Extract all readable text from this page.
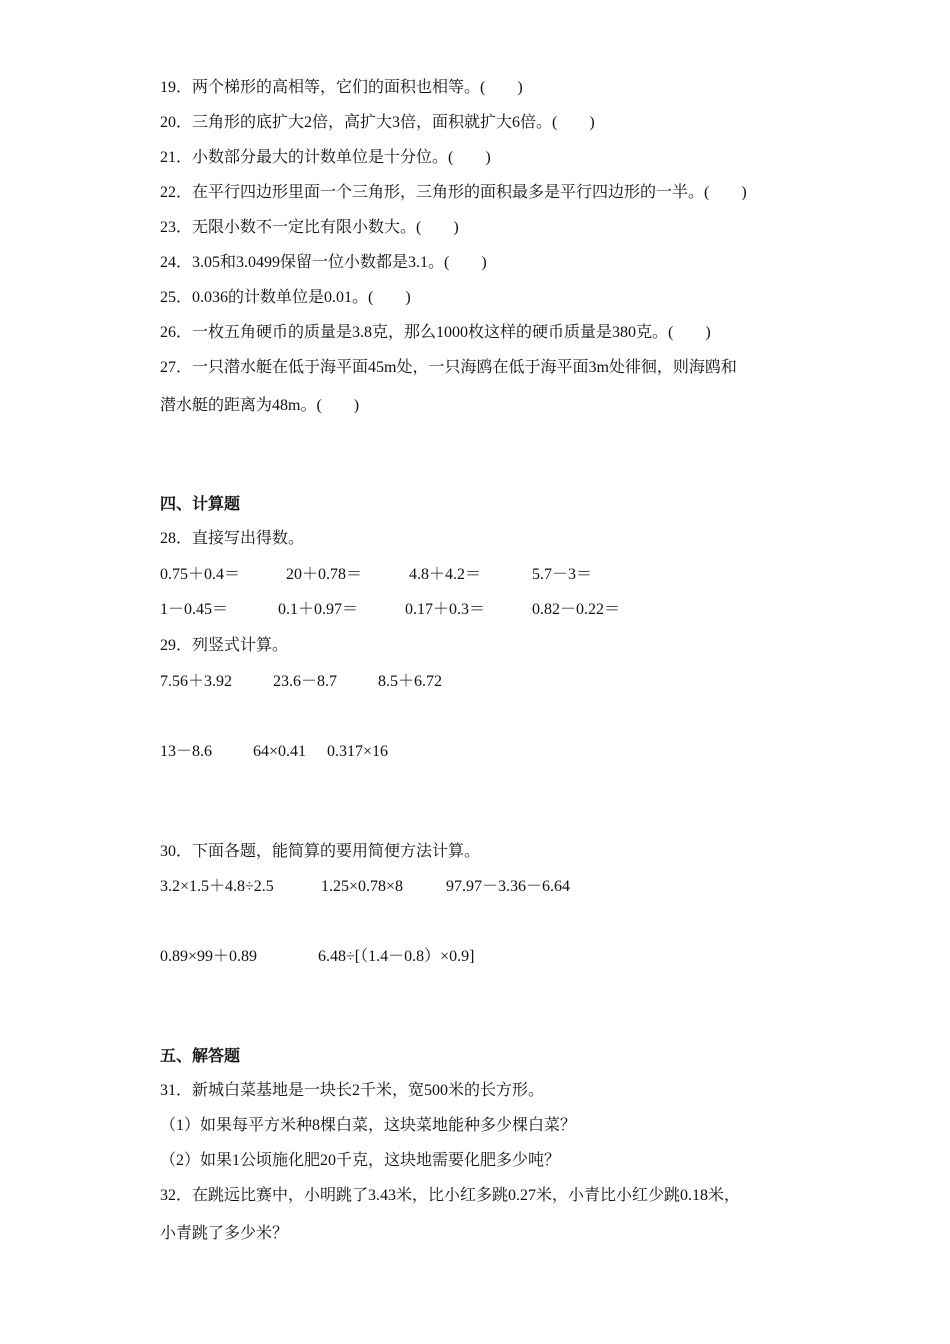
19．两个梯形的高相等，它们的面积也相等。(　　)
20．三角形的底扩大2倍，高扩大3倍，面积就扩大6倍。(　　)
21．小数部分最大的计数单位是十分位。(　　)
22．在平行四边形里面一个三角形，三角形的面积最多是平行四边形的一半。(　　)
23．无限小数不一定比有限小数大。(　　)
24．3.05和3.0499保留一位小数都是3.1。(　　)
25．0.036的计数单位是0.01。(　　)
26．一枚五角硬币的质量是3.8克，那么1000枚这样的硬币质量是380克。(　　)
27．一只潜水艇在低于海平面45m处，一只海鸥在低于海平面3m处徘徊，则海鸥和
潜水艇的距离为48m。(　　)
四、计算题
28．直接写出得数。
0.75＋0.4＝	20＋0.78＝	4.8＋4.2＝	5.7－3＝
1－0.45＝	0.1＋0.97＝	0.17＋0.3＝	0.82－0.22＝
29．列竖式计算。
7.56＋3.92	23.6－8.7	8.5＋6.72
13－8.6	64×0.41 0.317×16
30．下面各题，能简算的要用简便方法计算。
3.2×1.5＋4.8÷2.5	1.25×0.78×8	97.97－3.36－6.64
0.89×99＋0.89	6.48÷[（1.4－0.8）×0.9]
五、解答题
31．新城白菜基地是一块长2千米，宽500米的长方形。
（1）如果每平方米种8棵白菜，这块菜地能种多少棵白菜？
（2）如果1公顷施化肥20千克，这块地需要化肥多少吨？
32．在跳远比赛中，小明跳了3.43米，比小红多跳0.27米，小青比小红少跳0.18米，
小青跳了多少米？
